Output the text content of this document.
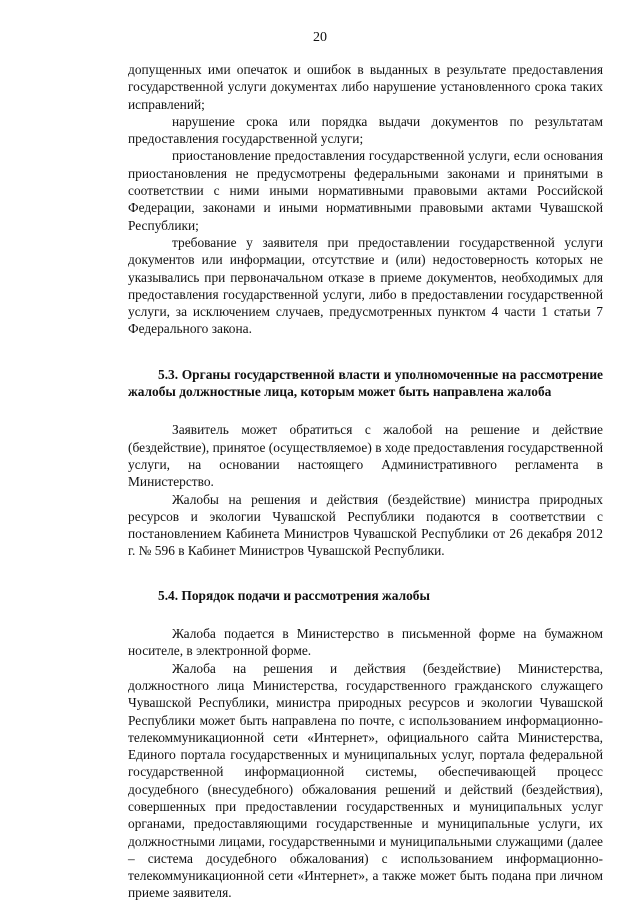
20

допущенных ими опечаток и ошибок в выданных в результате предоставления государственной услуги документах либо нарушение установленного срока таких исправлений;

нарушение срока или порядка выдачи документов по результатам предоставления государственной услуги;

приостановление предоставления государственной услуги, если основания приостановления не предусмотрены федеральными законами и принятыми в соответствии с ними иными нормативными правовыми актами Российской Федерации, законами и иными нормативными правовыми актами Чувашской Республики;

требование у заявителя при предоставлении государственной услуги документов или информации, отсутствие и (или) недостоверность которых не указывались при первоначальном отказе в приеме документов, необходимых для предоставления государственной услуги, либо в предоставлении государственной услуги, за исключением случаев, предусмотренных пунктом 4 части 1 статьи 7 Федерального закона.

5.3. Органы государственной власти и уполномоченные на рассмотрение жалобы должностные лица, которым может быть направлена жалоба

Заявитель может обратиться с жалобой на решение и действие (бездействие), принятое (осуществляемое) в ходе предоставления государственной услуги, на основании настоящего Административного регламента в Министерство.

Жалобы на решения и действия (бездействие) министра природных ресурсов и экологии Чувашской Республики подаются в соответствии с постановлением Кабинета Министров Чувашской Республики от 26 декабря 2012 г. № 596 в Кабинет Министров Чувашской Республики.

5.4. Порядок подачи и рассмотрения жалобы

Жалоба подается в Министерство в письменной форме на бумажном носителе, в электронной форме.

Жалоба на решения и действия (бездействие) Министерства, должностного лица Министерства, государственного гражданского служащего Чувашской Республики, министра природных ресурсов и экологии Чувашской Республики может быть направлена по почте, с использованием информационно-телекоммуникационной сети «Интернет», официального сайта Министерства, Единого портала государственных и муниципальных услуг, портала федеральной государственной информационной системы, обеспечивающей процесс досудебного (внесудебного) обжалования решений и действий (бездействия), совершенных при предоставлении государственных и муниципальных услуг органами, предоставляющими государственные и муниципальные услуги, их должностными лицами, государственными и муниципальными служащими (далее – система досудебного обжалования) с использованием информационно-телекоммуникационной сети «Интернет», а также может быть подана при личном приеме заявителя.
